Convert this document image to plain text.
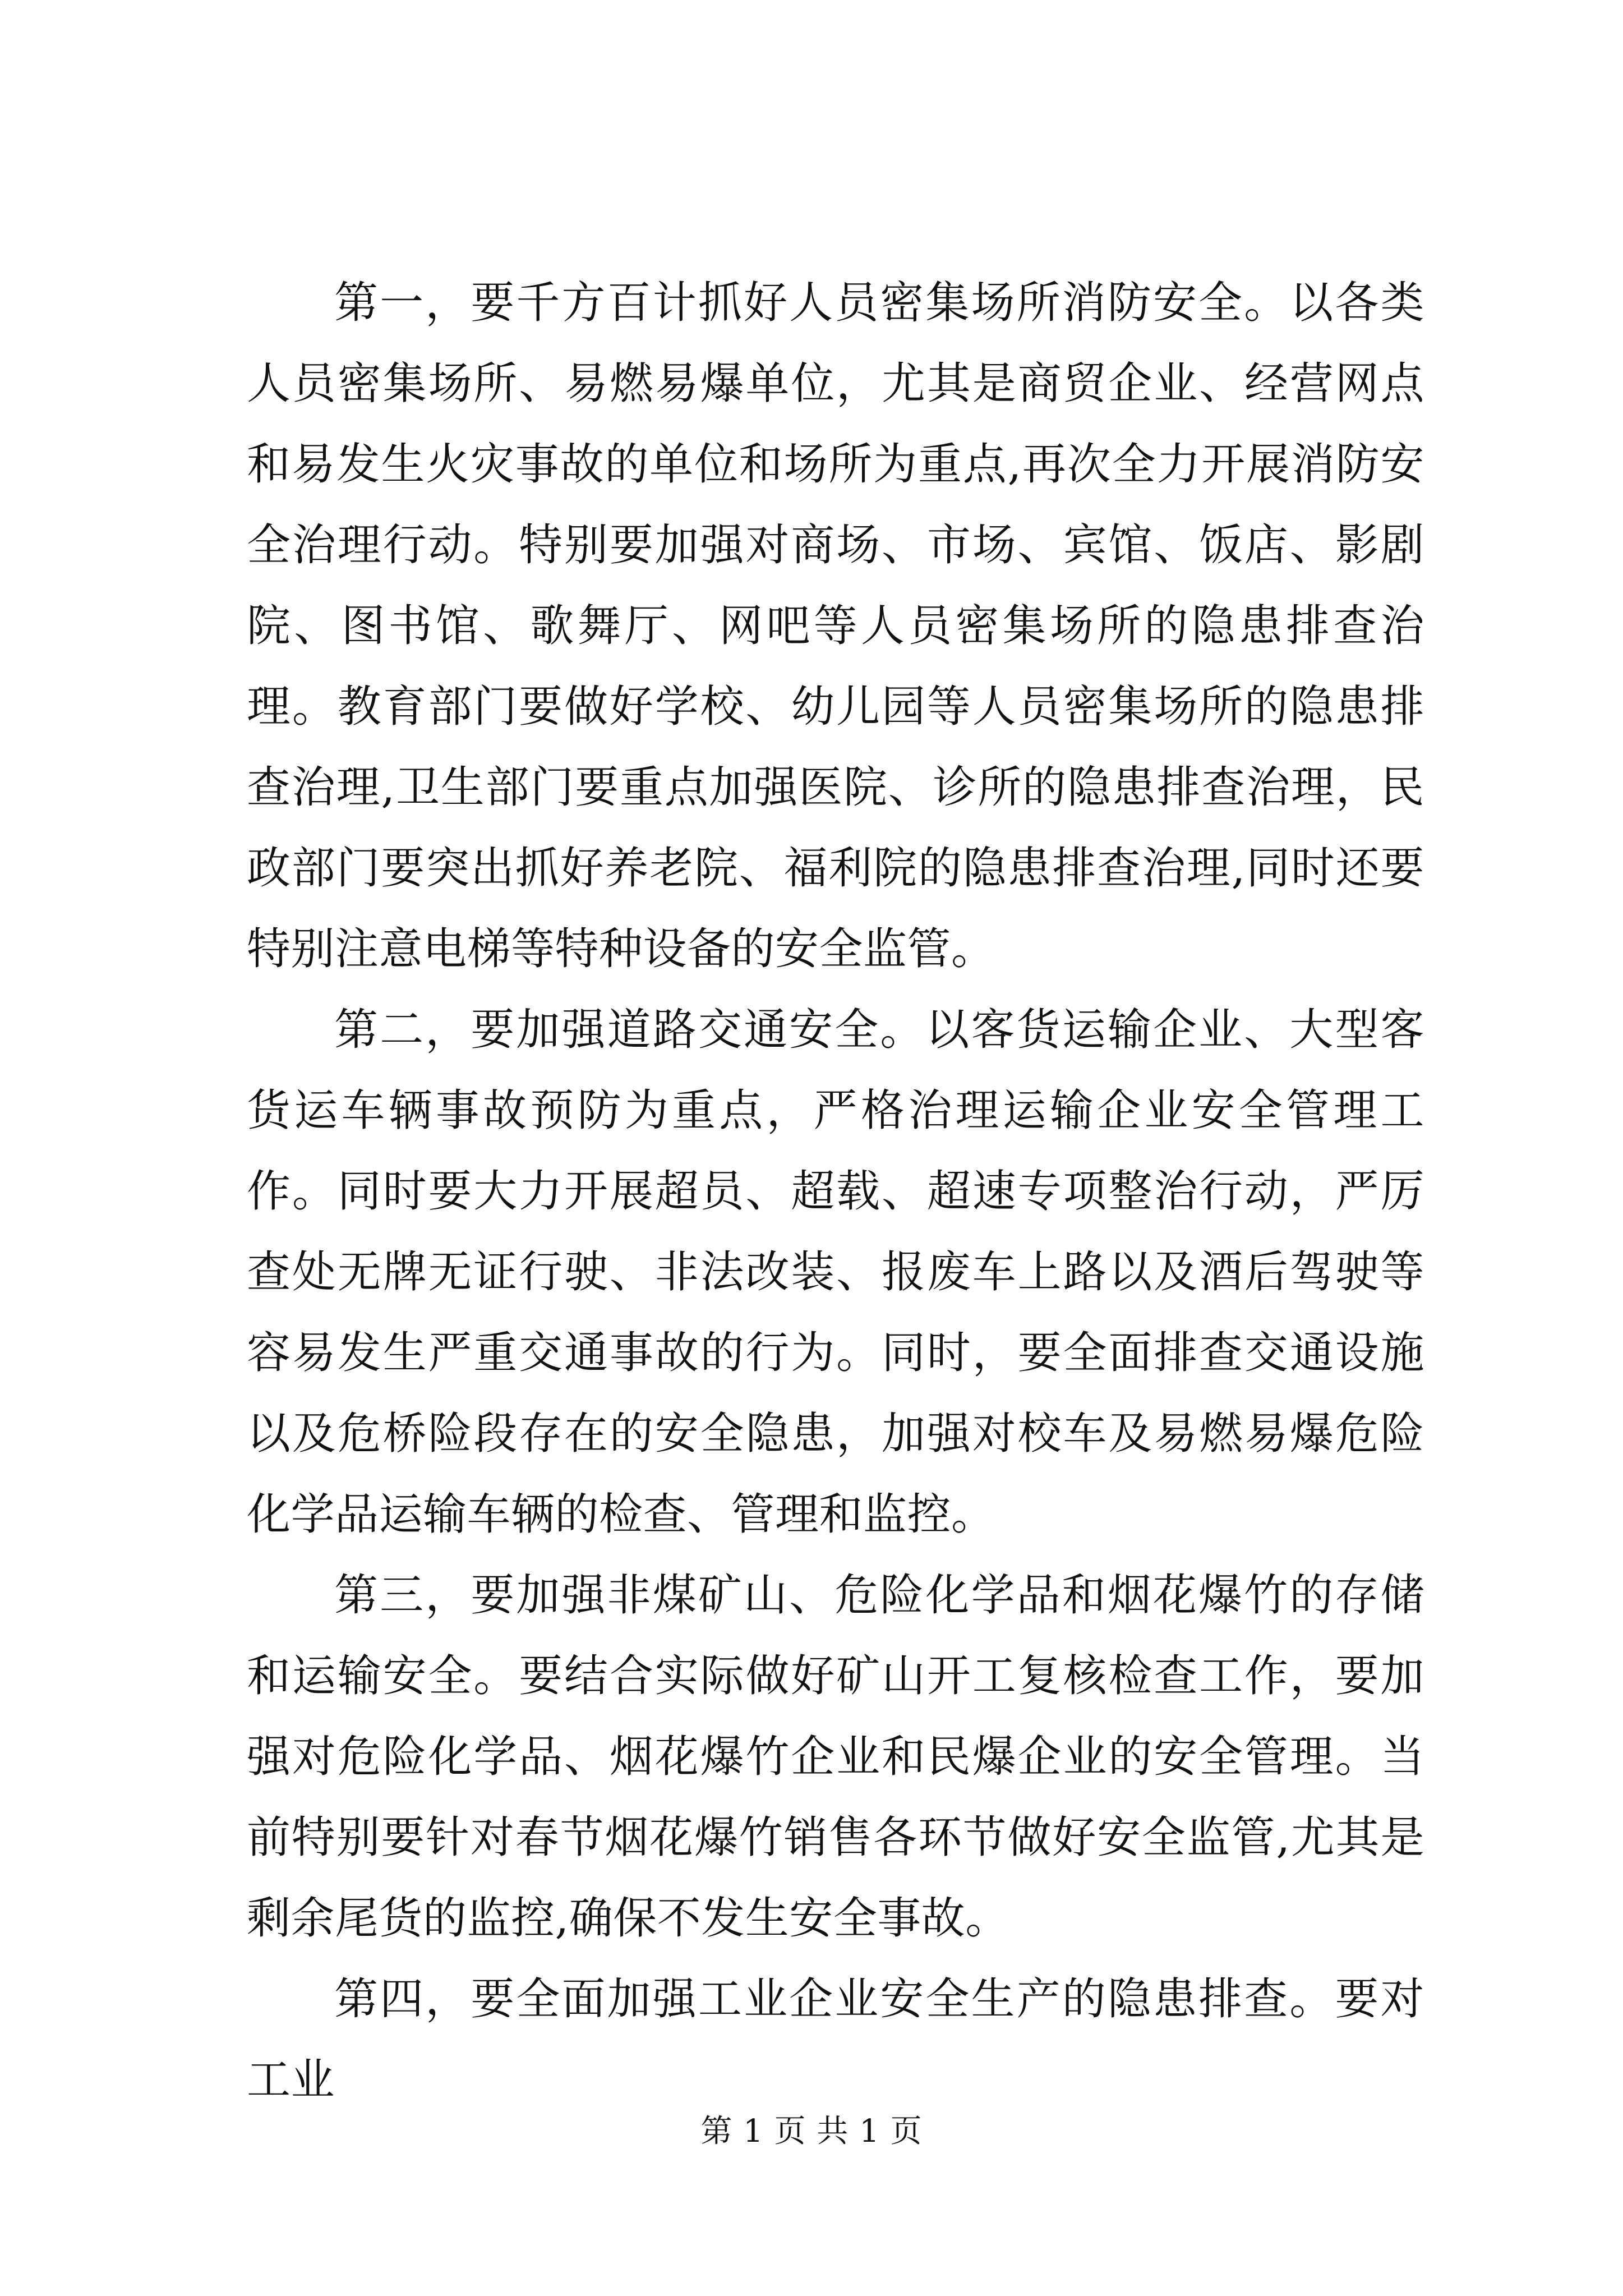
第一，要千方百计抓好人员密集场所消防安全。以各类人员密集场所、易燃易爆单位，尤其是商贸企业、经营网点和易发生火灾事故的单位和场所为重点,再次全力开展消防安全治理行动。特别要加强对商场、市场、宾馆、饭店、影剧院、图书馆、歌舞厅、网吧等人员密集场所的隐患排查治理。教育部门要做好学校、幼儿园等人员密集场所的隐患排查治理,卫生部门要重点加强医院、诊所的隐患排查治理，民政部门要突出抓好养老院、福利院的隐患排查治理,同时还要特别注意电梯等特种设备的安全监管。

第二，要加强道路交通安全。以客货运输企业、大型客货运车辆事故预防为重点，严格治理运输企业安全管理工作。同时要大力开展超员、超载、超速专项整治行动，严厉查处无牌无证行驶、非法改装、报废车上路以及酒后驾驶等容易发生严重交通事故的行为。同时，要全面排查交通设施以及危桥险段存在的安全隐患，加强对校车及易燃易爆危险化学品运输车辆的检查、管理和监控。

第三，要加强非煤矿山、危险化学品和烟花爆竹的存储和运输安全。要结合实际做好矿山开工复核检查工作，要加强对危险化学品、烟花爆竹企业和民爆企业的安全管理。当前特别要针对春节烟花爆竹销售各环节做好安全监管,尤其是剩余尾货的监控,确保不发生安全事故。

第四，要全面加强工业企业安全生产的隐患排查。要对工业

第 1 页 共 1 页
